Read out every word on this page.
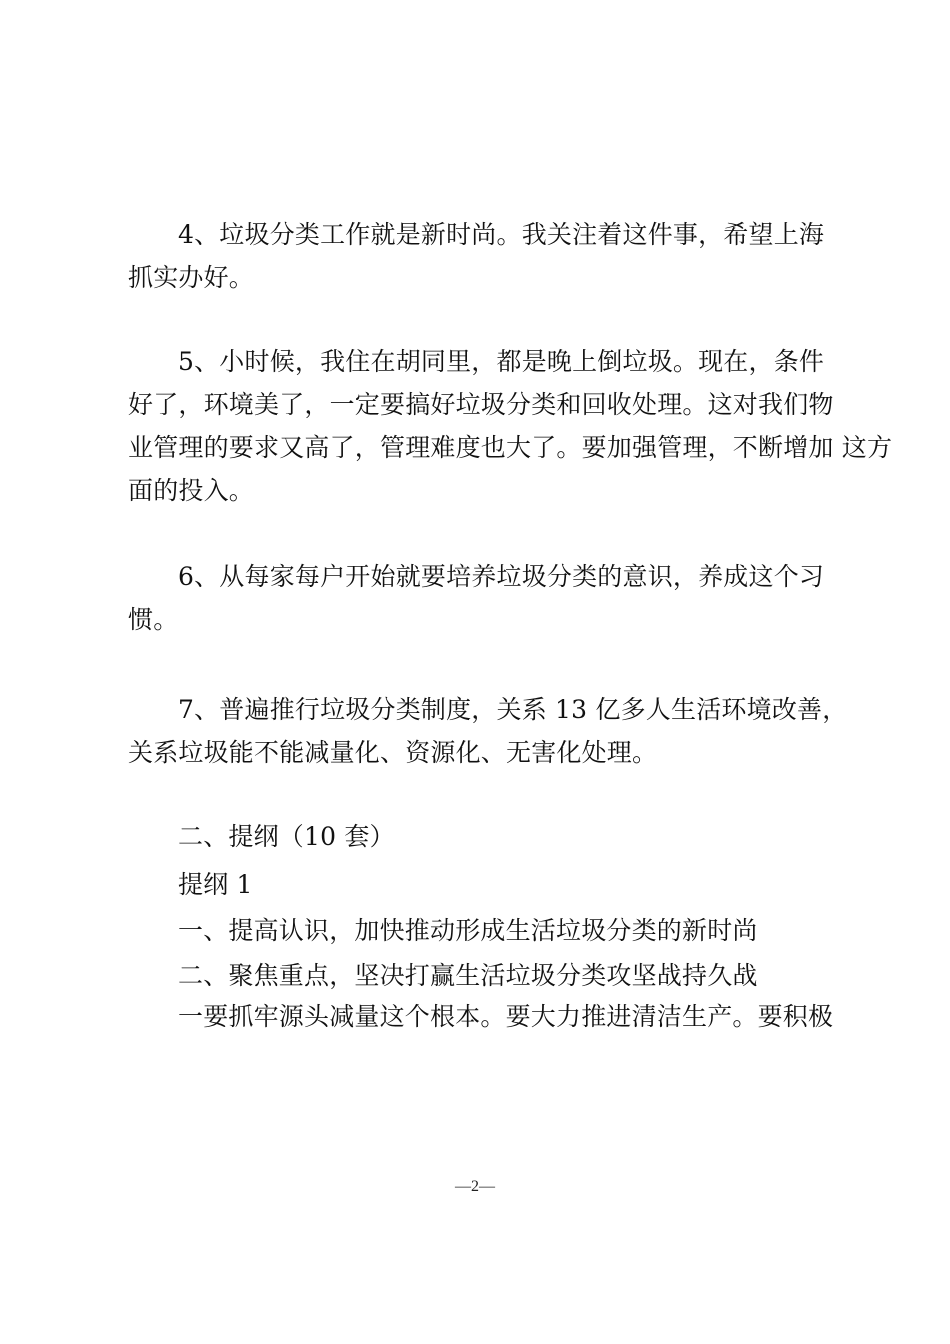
4、垃圾分类工作就是新时尚。我关注着这件事，希望上海
抓实办好。
5、小时候，我住在胡同里，都是晚上倒垃圾。现在，条件
好了，环境美了，一定要搞好垃圾分类和回收处理。这对我们物
业管理的要求又高了，管理难度也大了。要加强管理，不断增加 这方
面的投入。
6、从每家每户开始就要培养垃圾分类的意识，养成这个习
惯。
7、普遍推行垃圾分类制度，关系 13 亿多人生活环境改善，
关系垃圾能不能减量化、资源化、无害化处理。
二、提纲（10 套）
提纲 1
一、提高认识，加快推动形成生活垃圾分类的新时尚
二、聚焦重点，坚决打赢生活垃圾分类攻坚战持久战
一要抓牢源头减量这个根本。要大力推进清洁生产。要积极
—2—
